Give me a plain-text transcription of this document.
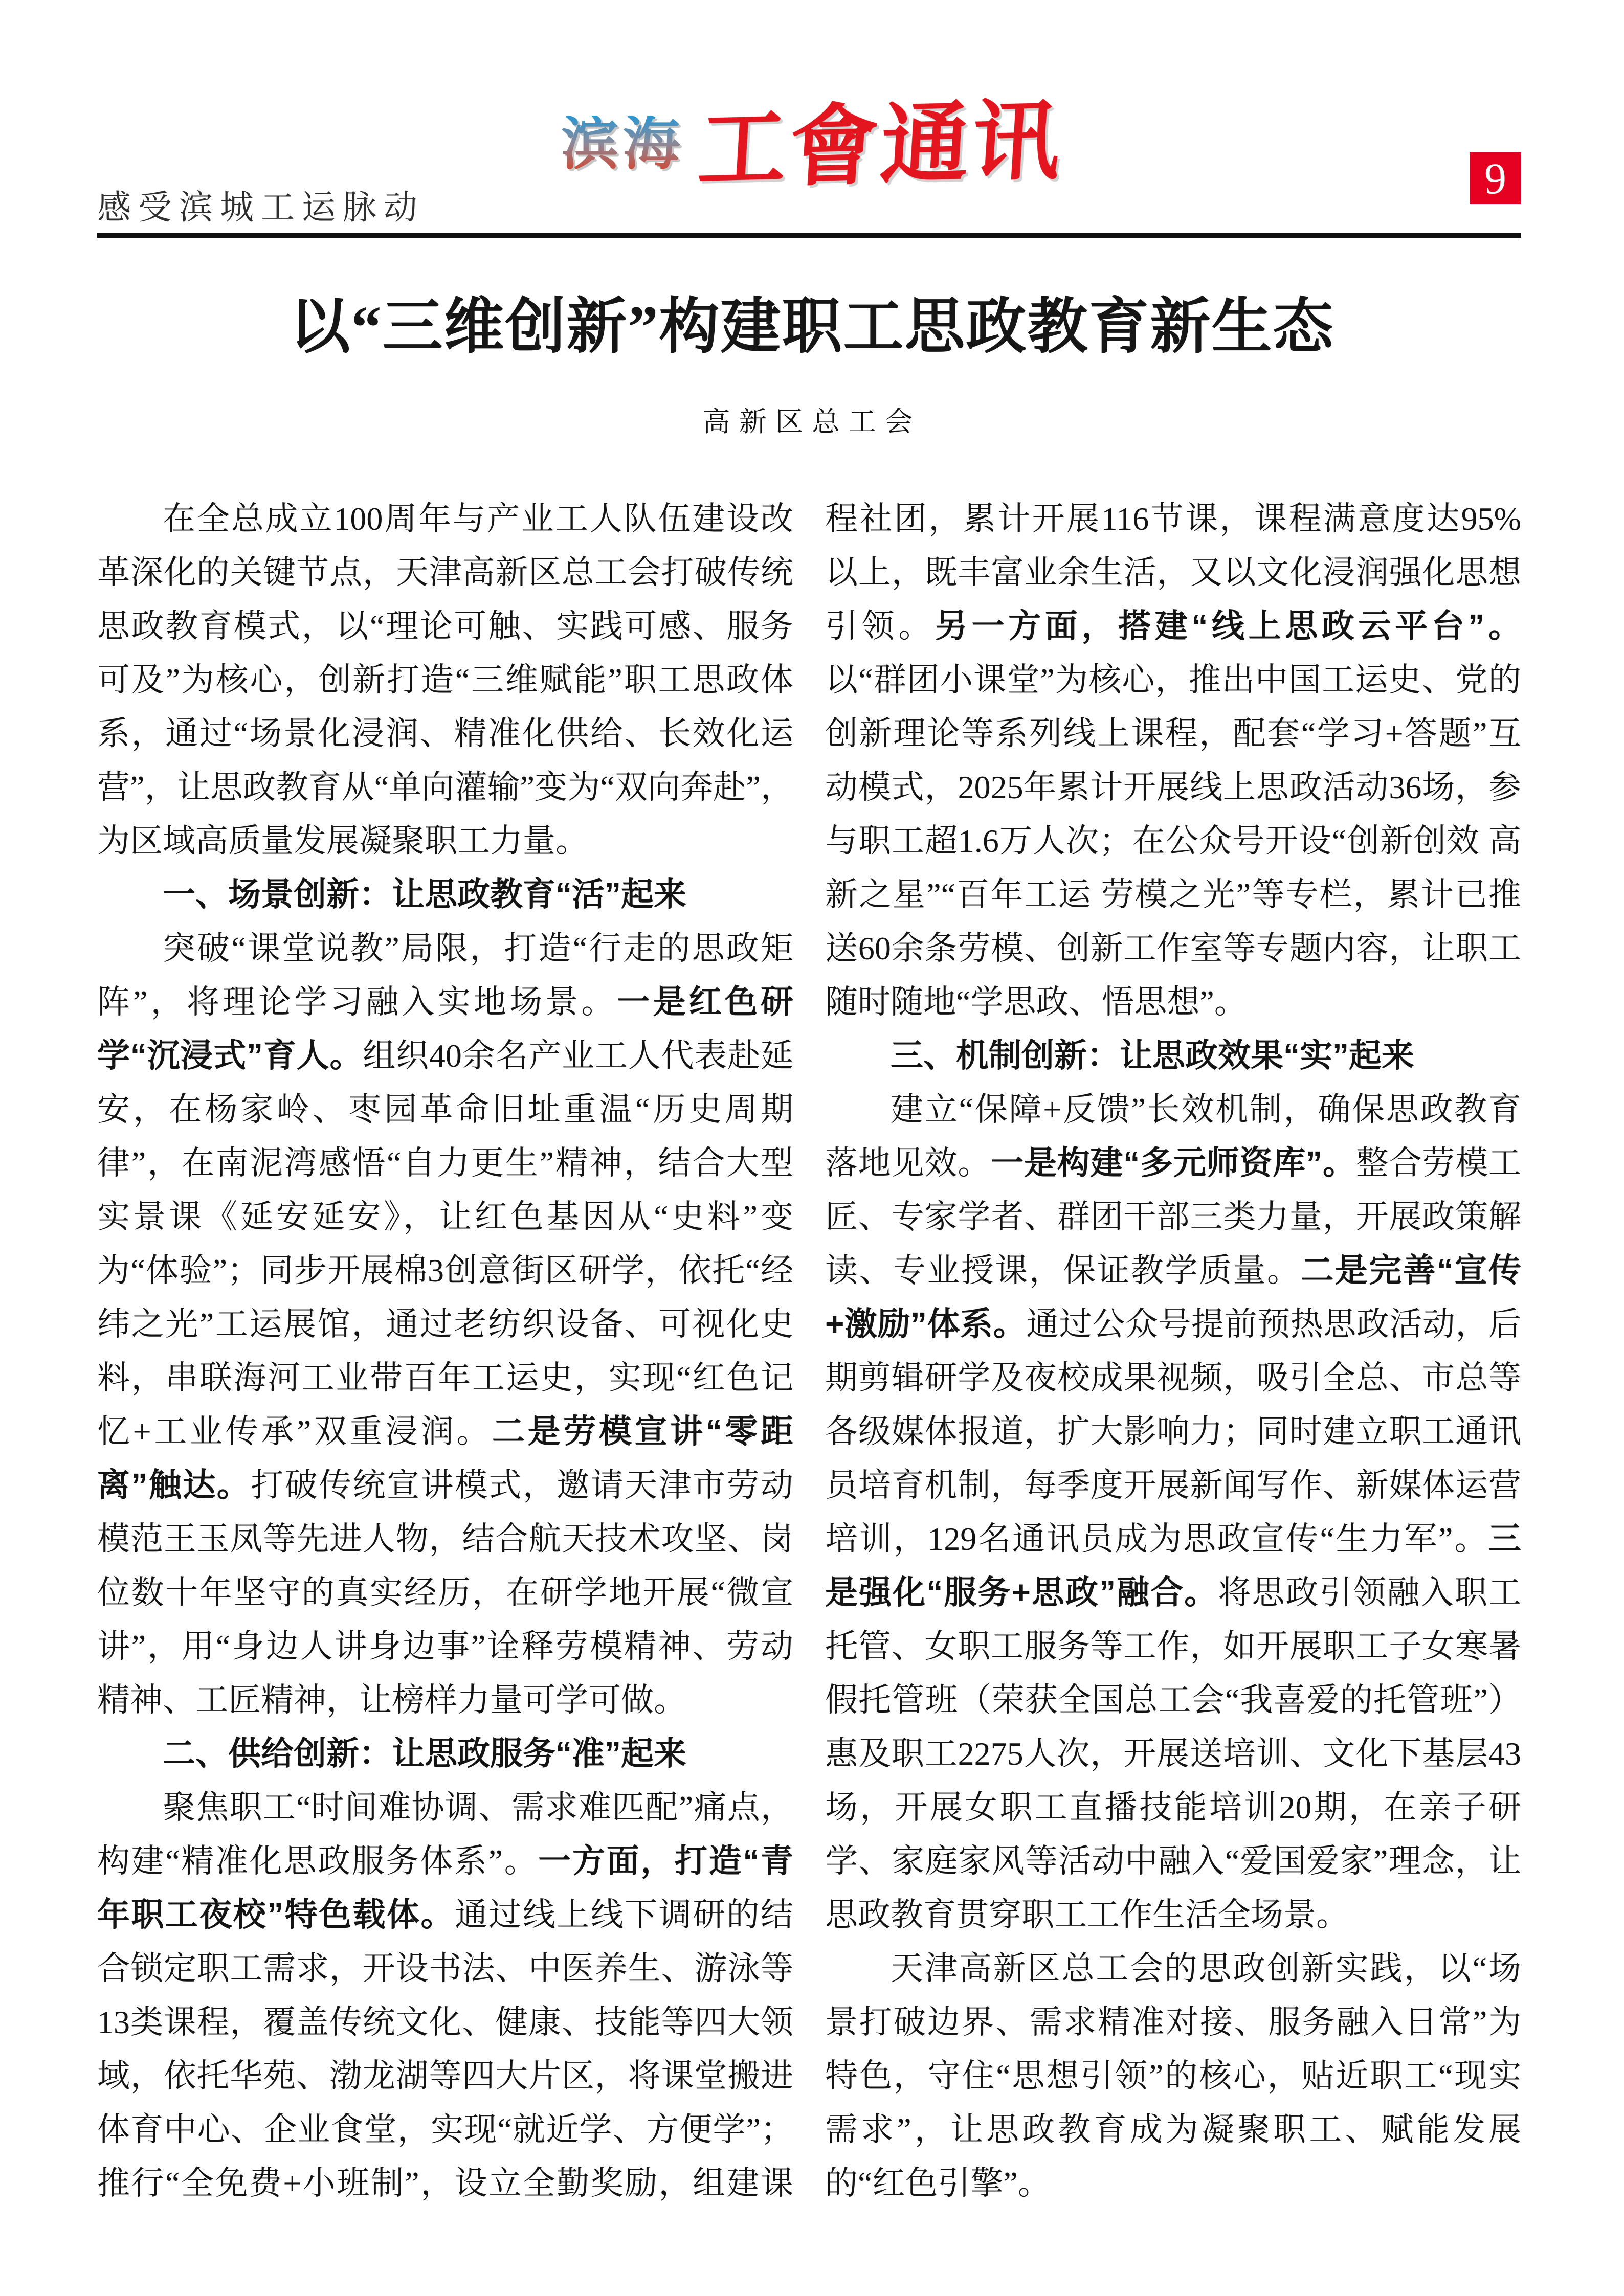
感受滨城工运脉动
滨海 工會通讯	9
以“三维创新”构建职工思政教育新生态
高新区总工会

在全总成立100周年与产业工人队伍建设改革深化的关键节点，天津高新区总工会打破传统思政教育模式，以“理论可触、实践可感、服务可及”为核心，创新打造“三维赋能”职工思政体系，通过“场景化浸润、精准化供给、长效化运营”，让思政教育从“单向灌输”变为“双向奔赴”，为区域高质量发展凝聚职工力量。

一、场景创新：让思政教育“活”起来

突破“课堂说教”局限，打造“行走的思政矩阵”，将理论学习融入实地场景。一是红色研学“沉浸式”育人。组织40余名产业工人代表赴延安，在杨家岭、枣园革命旧址重温“历史周期律”，在南泥湾感悟“自力更生”精神，结合大型实景课《延安延安》，让红色基因从“史料”变为“体验”；同步开展棉3创意街区研学，依托“经纬之光”工运展馆，通过老纺织设备、可视化史料，串联海河工业带百年工运史，实现“红色记忆+工业传承”双重浸润。二是劳模宣讲“零距离”触达。打破传统宣讲模式，邀请天津市劳动模范王玉凤等先进人物，结合航天技术攻坚、岗位数十年坚守的真实经历，在研学地开展“微宣讲”，用“身边人讲身边事”诠释劳模精神、劳动精神、工匠精神，让榜样力量可学可做。

二、供给创新：让思政服务“准”起来

聚焦职工“时间难协调、需求难匹配”痛点，构建“精准化思政服务体系”。一方面，打造“青年职工夜校”特色载体。通过线上线下调研的结合锁定职工需求，开设书法、中医养生、游泳等13类课程，覆盖传统文化、健康、技能等四大领域，依托华苑、渤龙湖等四大片区，将课堂搬进体育中心、企业食堂，实现“就近学、方便学”；推行“全免费+小班制”，设立全勤奖励，组建课程社团，累计开展116节课，课程满意度达95%以上，既丰富业余生活，又以文化浸润强化思想引领。另一方面，搭建“线上思政云平台”。以“群团小课堂”为核心，推出中国工运史、党的创新理论等系列线上课程，配套“学习+答题”互动模式，2025年累计开展线上思政活动36场，参与职工超1.6万人次；在公众号开设“创新创效 高新之星”“百年工运 劳模之光”等专栏，累计已推送60余条劳模、创新工作室等专题内容，让职工随时随地“学思政、悟思想”。

三、机制创新：让思政效果“实”起来

建立“保障+反馈”长效机制，确保思政教育落地见效。一是构建“多元师资库”。整合劳模工匠、专家学者、群团干部三类力量，开展政策解读、专业授课，保证教学质量。二是完善“宣传+激励”体系。通过公众号提前预热思政活动，后期剪辑研学及夜校成果视频，吸引全总、市总等各级媒体报道，扩大影响力；同时建立职工通讯员培育机制，每季度开展新闻写作、新媒体运营培训，129名通讯员成为思政宣传“生力军”。三是强化“服务+思政”融合。将思政引领融入职工托管、女职工服务等工作，如开展职工子女寒暑假托管班（荣获全国总工会“我喜爱的托管班”）惠及职工2275人次，开展送培训、文化下基层43场，开展女职工直播技能培训20期，在亲子研学、家庭家风等活动中融入“爱国爱家”理念，让思政教育贯穿职工工作生活全场景。

天津高新区总工会的思政创新实践，以“场景打破边界、需求精准对接、服务融入日常”为特色，守住“思想引领”的核心，贴近职工“现实需求”，让思政教育成为凝聚职工、赋能发展的“红色引擎”。
